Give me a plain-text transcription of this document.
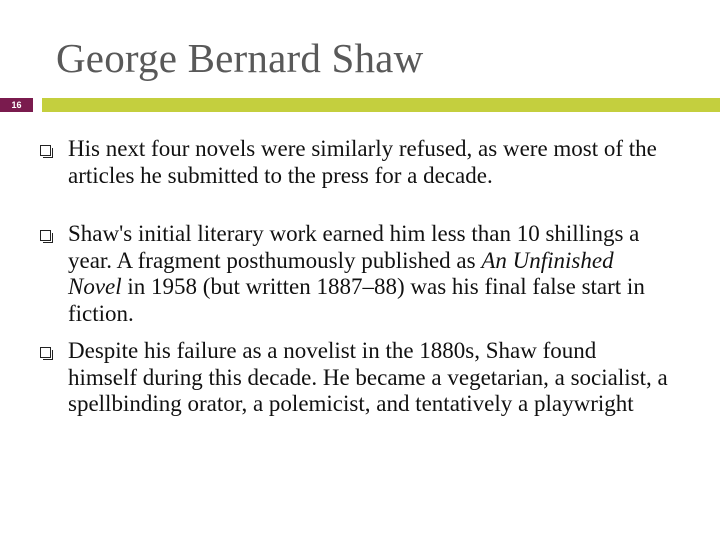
George Bernard Shaw
16
His next four novels were similarly refused, as were most of the articles he submitted to the press for a decade.
Shaw's initial literary work earned him less than 10 shillings a year. A fragment posthumously published as An Unfinished Novel in 1958 (but written 1887–88) was his final false start in fiction.
Despite his failure as a novelist in the 1880s, Shaw found himself during this decade. He became a vegetarian, a socialist, a spellbinding orator, a polemicist, and tentatively a playwright
